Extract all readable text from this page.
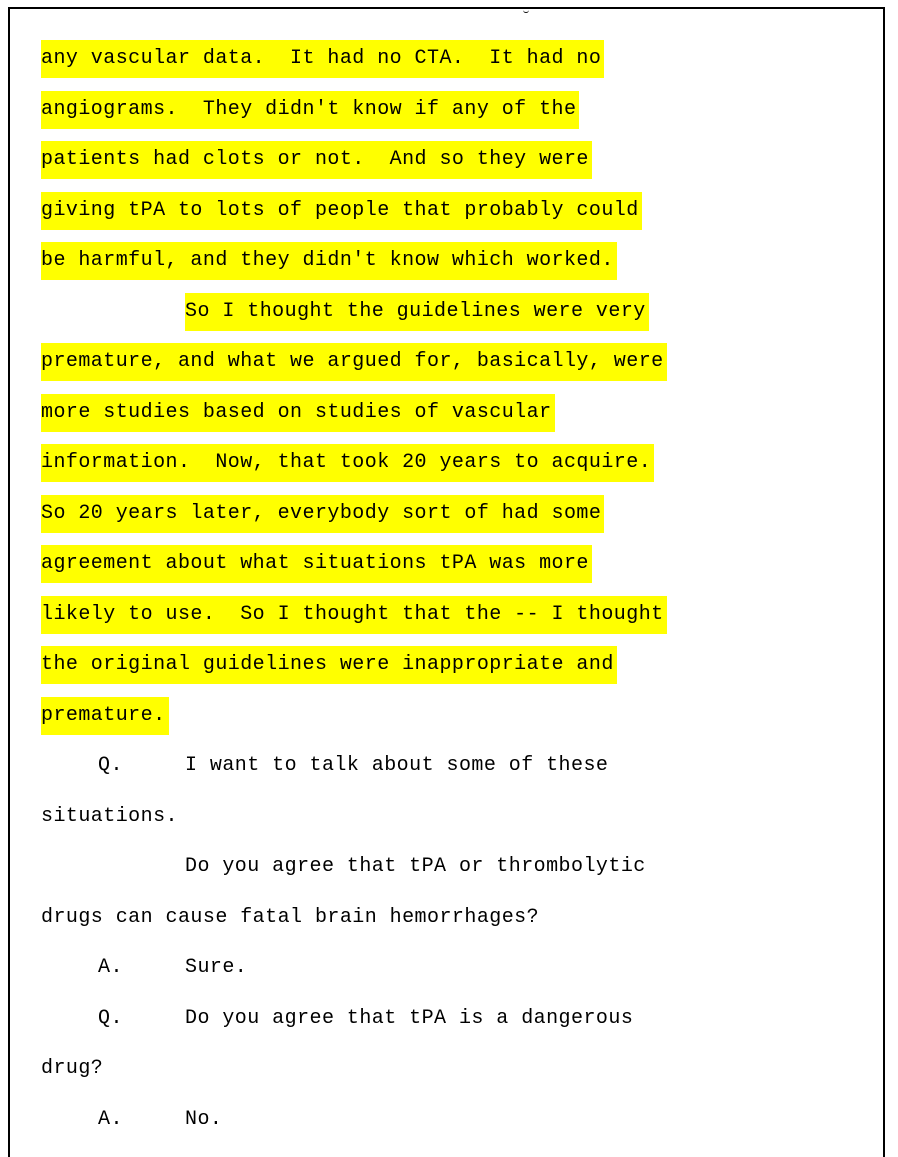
any vascular data.  It had no CTA.  It had no
angiograms.  They didn't know if any of the
patients had clots or not.  And so they were
giving tPA to lots of people that probably could
be harmful, and they didn't know which worked.
So I thought the guidelines were very
premature, and what we argued for, basically, were
more studies based on studies of vascular
information.  Now, that took 20 years to acquire.
So 20 years later, everybody sort of had some
agreement about what situations tPA was more
likely to use.  So I thought that the -- I thought
the original guidelines were inappropriate and
premature.
Q.	I want to talk about some of these
situations.
Do you agree that tPA or thrombolytic
drugs can cause fatal brain hemorrhages?
A.	Sure.
Q.	Do you agree that tPA is a dangerous
drug?
A.	No.
